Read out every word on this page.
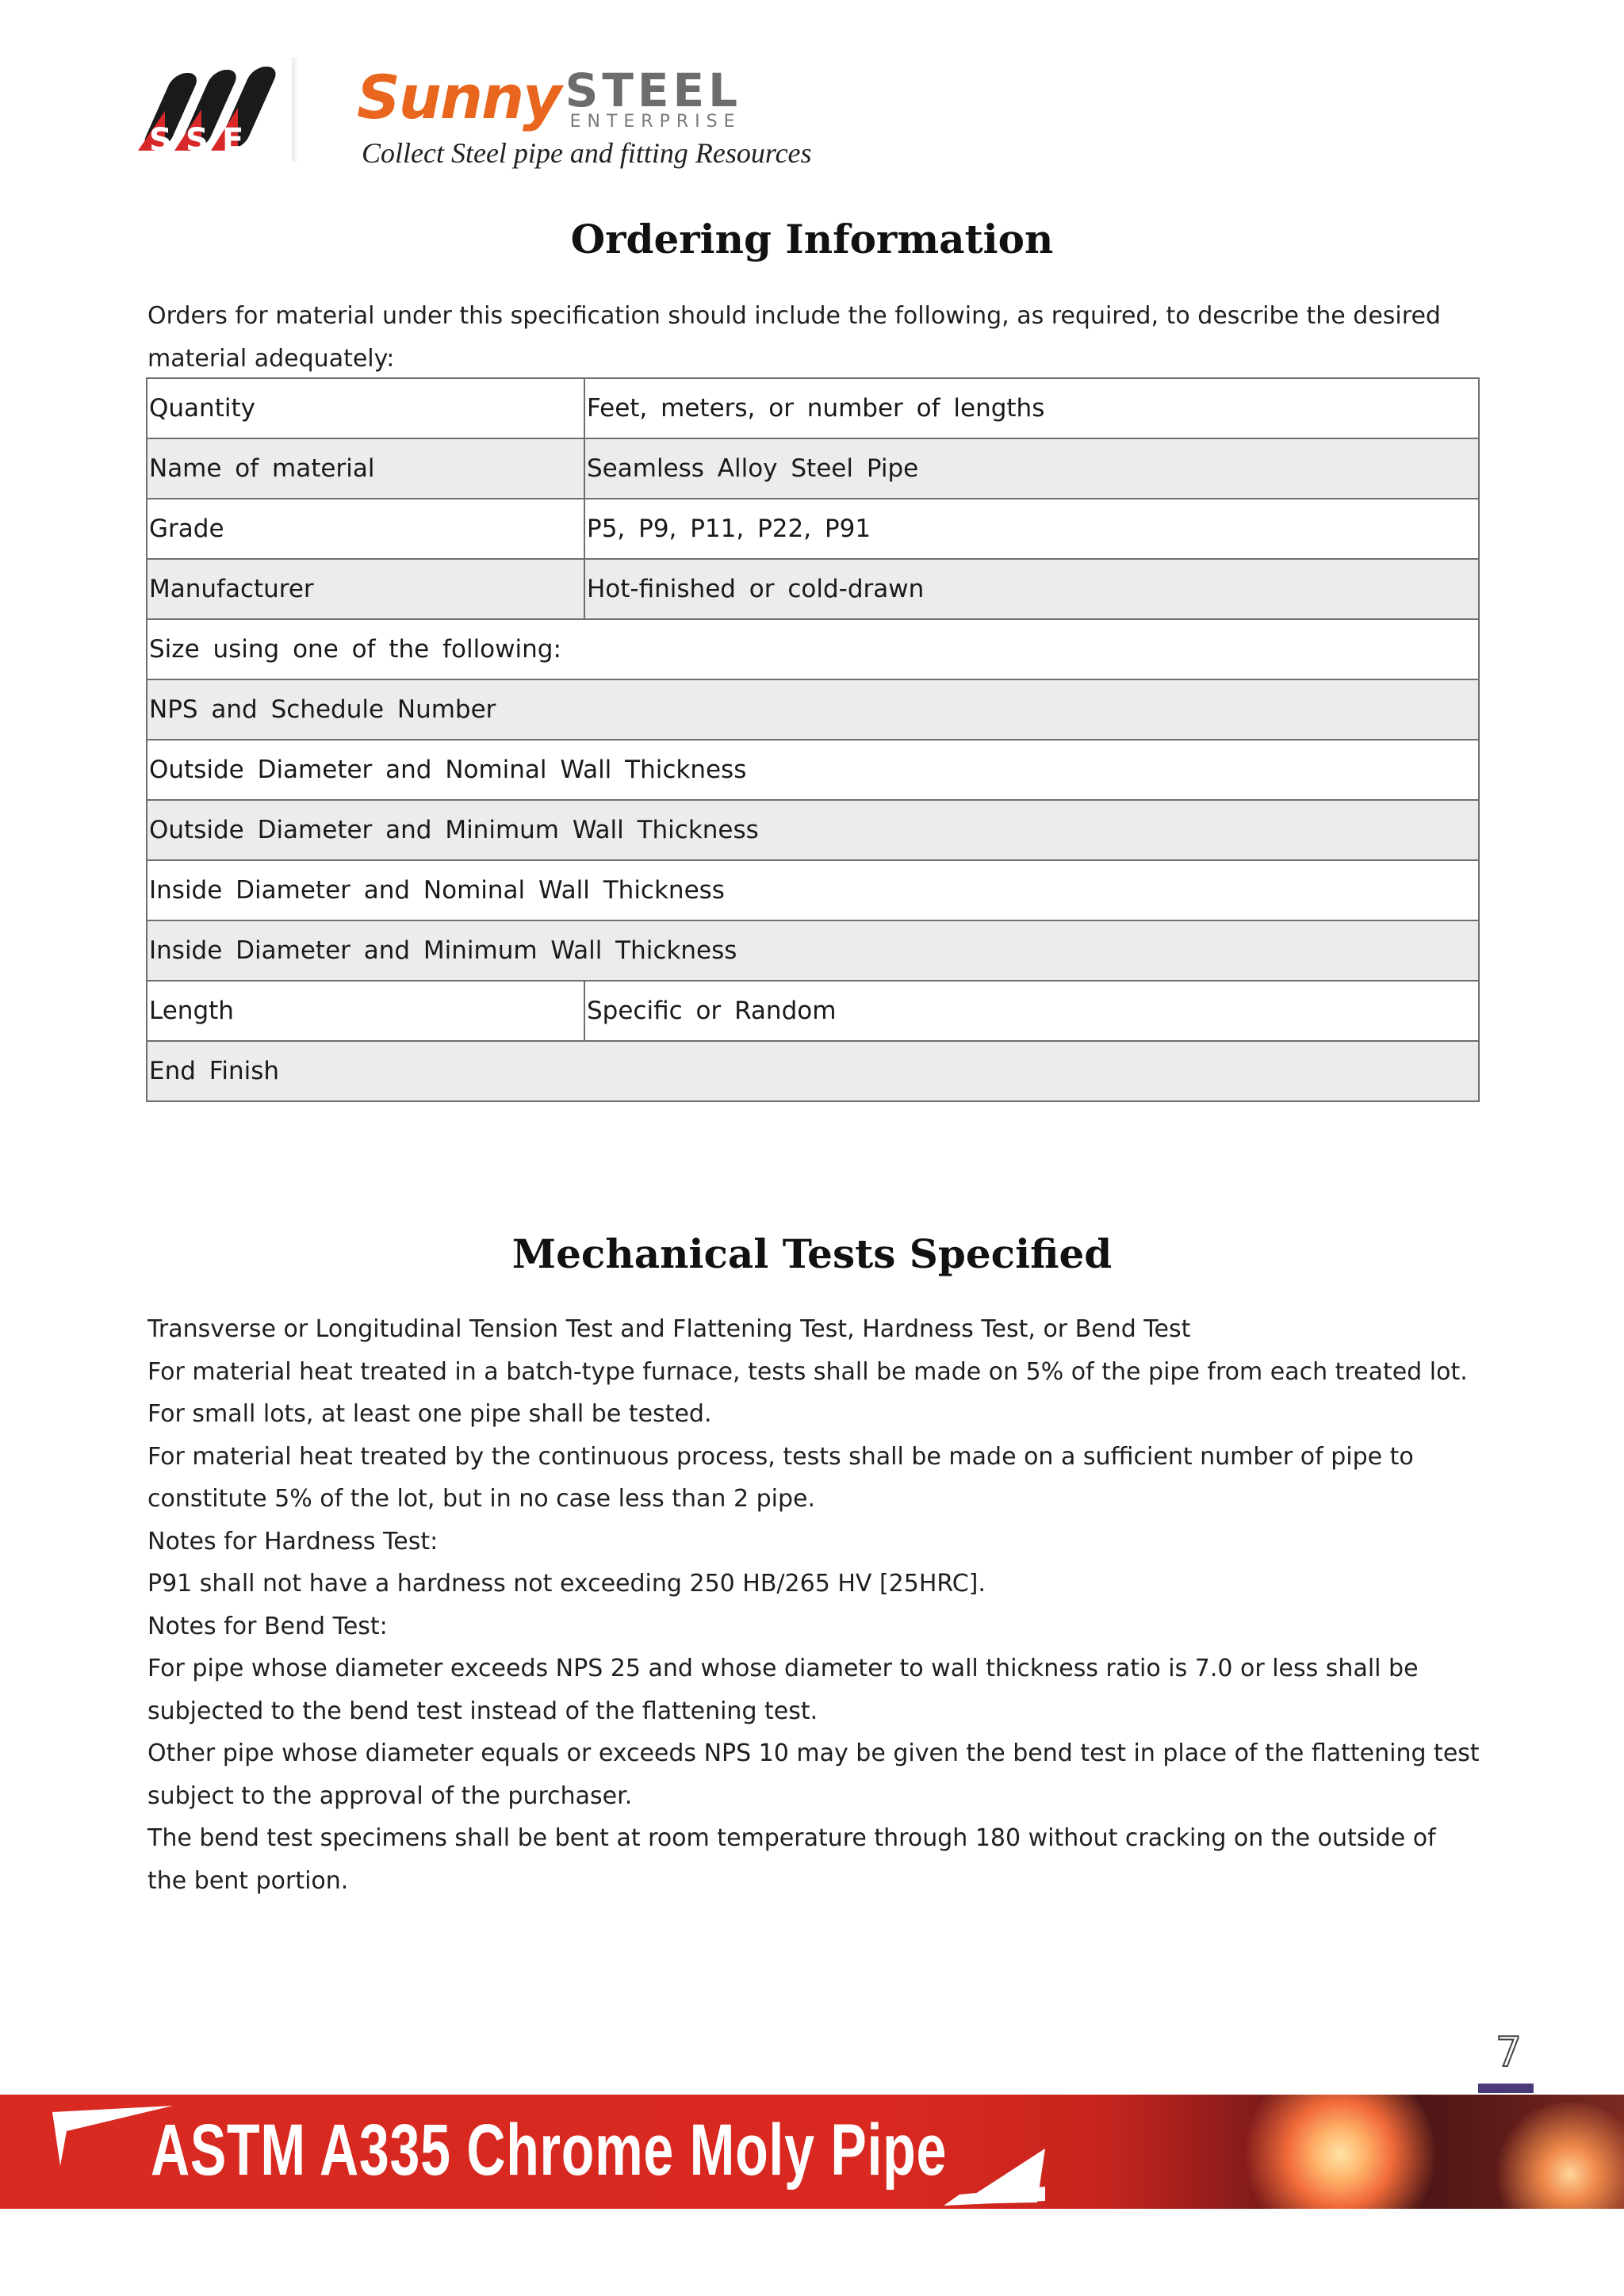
S S E
Sunny STEEL
ENTERPRISE
Collect Steel pipe and fitting Resources
Ordering Information
Orders for material under this specification should include the following, as required, to describe the desired material adequately:
Quantity	Feet, meters, or number of lengths
Name of material	Seamless Alloy Steel Pipe
Grade	P5, P9, P11, P22, P91
Manufacturer	Hot-finished or cold-drawn
Size using one of the following:	
NPS and Schedule Number	
Outside Diameter and Nominal Wall Thickness	
Outside Diameter and Minimum Wall Thickness	
Inside Diameter and Nominal Wall Thickness	
Inside Diameter and Minimum Wall Thickness	
Length	Specific or Random
End Finish	
Mechanical Tests Specified
Transverse or Longitudinal Tension Test and Flattening Test, Hardness Test, or Bend Test
For material heat treated in a batch-type furnace, tests shall be made on 5% of the pipe from each treated lot.
For small lots, at least one pipe shall be tested.
For material heat treated by the continuous process, tests shall be made on a sufficient number of pipe to
constitute 5% of the lot, but in no case less than 2 pipe.
Notes for Hardness Test:
P91 shall not have a hardness not exceeding 250 HB/265 HV [25HRC].
Notes for Bend Test:
For pipe whose diameter exceeds NPS 25 and whose diameter to wall thickness ratio is 7.0 or less shall be
subjected to the bend test instead of the flattening test.
Other pipe whose diameter equals or exceeds NPS 10 may be given the bend test in place of the flattening test
subject to the approval of the purchaser.
The bend test specimens shall be bent at room temperature through 180 without cracking on the outside of
the bent portion.
7
ASTM A335 Chrome Moly Pipe
